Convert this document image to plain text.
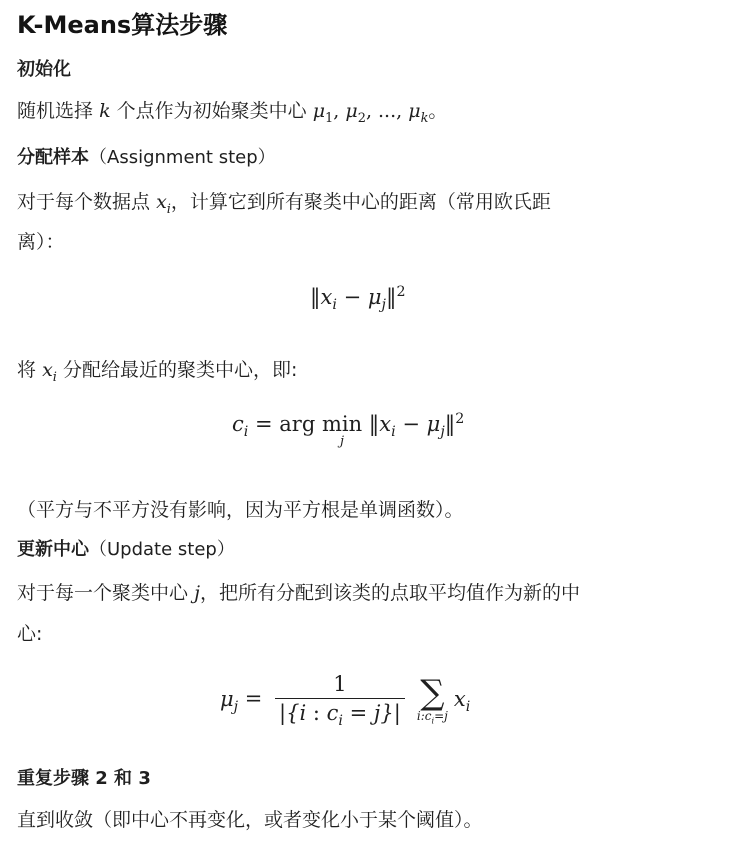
K-Means算法步骤
初始化
随机选择 k 个点作为初始聚类中心 $\mu_1$, $\mu_2$, ..., $\mu_k$。
分配样本（Assignment step）
对于每个数据点 $x_i$，计算它到所有聚类中心的距离（常用欧氏距
离）：
$‖x_i$ − $\mu_j‖^2$
将 $x_i$ 分配给最近的聚类中心，即:
$c_i$ = arg min
j
$‖x_i$ − $\mu_j‖^2$
（平方与不平方没有影响，因为平方根是单调函数）。
更新中心（Update step）
对于每一个聚类中心 j，把所有分配到该类的点取平均值作为新的中
心:
$\mu_j = \frac{1}{|\{i : c_i = j\}|}$ ∑
$i:c_i=j$
$x_i$
重复步骤 2 和 3
直到收敛（即中心不再变化，或者变化小于某个阈值）。
